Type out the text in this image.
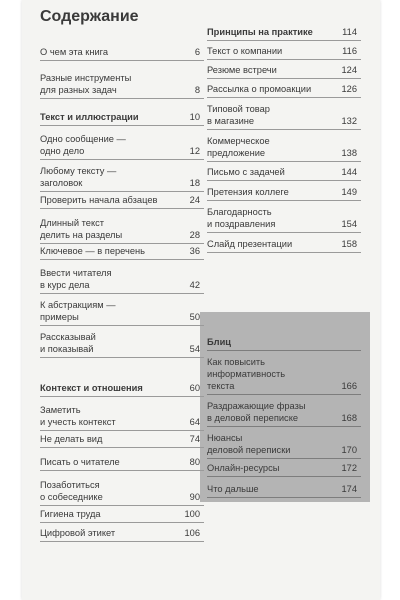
Содержание
О чем эта книга	6
Разные инструменты
для разных задач	8
Текст и иллюстрации	10
Одно сообщение —
одно дело	12
Любому тексту —
заголовок	18
Проверить начала абзацев	24
Длинный текст
делить на разделы	28
Ключевое — в перечень	36
Ввести читателя
в курс дела	42
К абстракциям —
примеры	50
Рассказывай
и показывай	54
Контекст и отношения	60
Заметить
и учесть контекст	64
Не делать вид	74
Писать о читателе	80
Позаботиться
о собеседнике	90
Гигиена труда	100
Цифровой этикет	106
Принципы на практике	114
Текст о компании	116
Резюме встречи	124
Рассылка о промоакции	126
Типовой товар
в магазине	132
Коммерческое
предложение	138
Письмо с задачей	144
Претензия коллеге	149
Благодарность
и поздравления	154
Слайд презентации	158
Блиц
Как повысить
информативность
текста	166
Раздражающие фразы
в деловой переписке	168
Нюансы
деловой переписки	170
Онлайн-ресурсы	172
Что дальше	174
